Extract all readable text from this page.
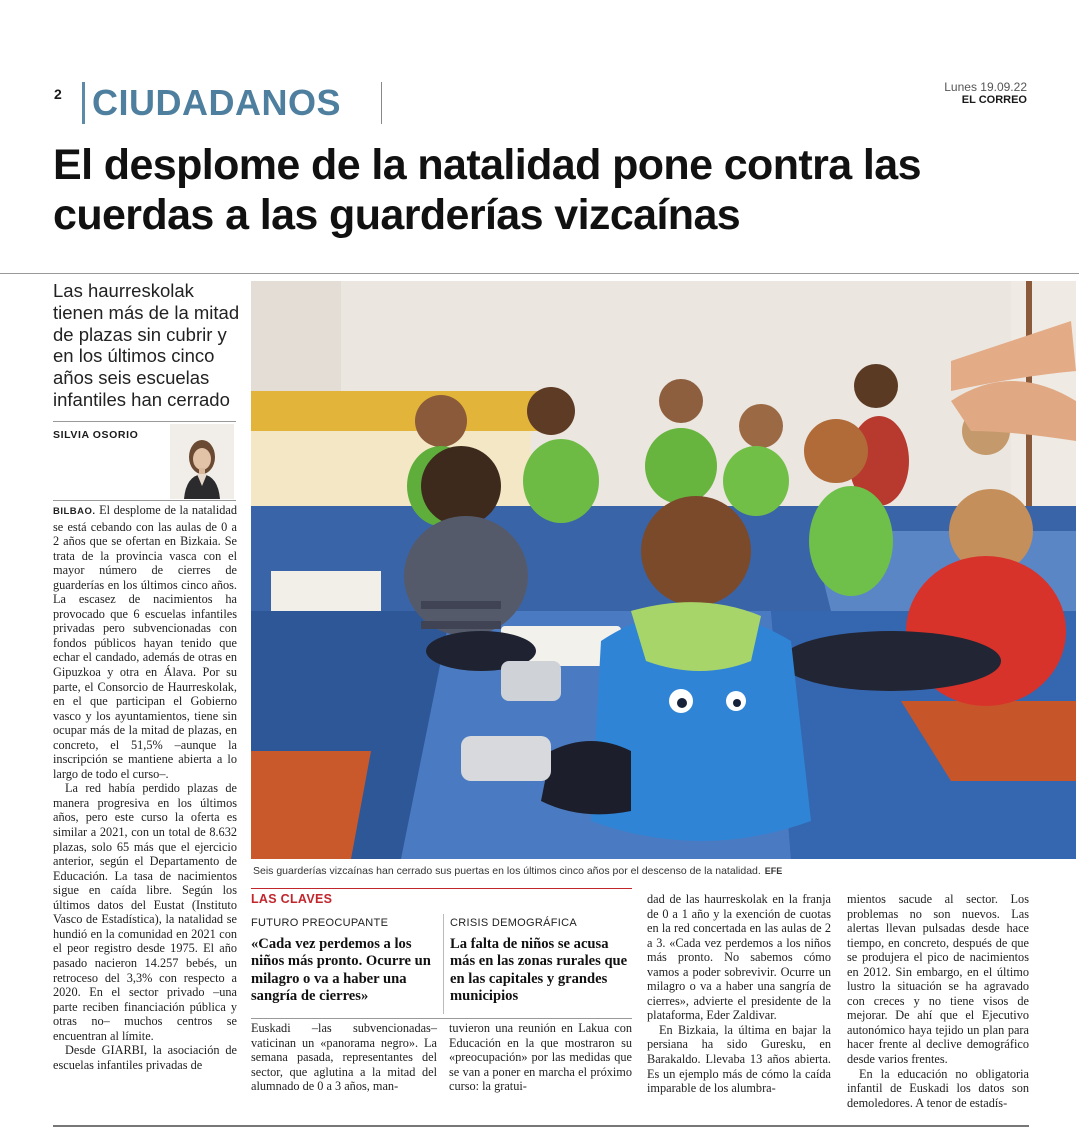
2 CIUDADANOS	Lunes 19.09.22
EL CORREO
El desplome de la natalidad pone contra las cuerdas a las guarderías vizcaínas
Las haurreskolak tienen más de la mitad de plazas sin cubrir y en los últimos cinco años seis escuelas infantiles han cerrado
SILVIA OSORIO

BILBAO. El desplome de la natalidad se está cebando con las aulas de 0 a 2 años que se ofertan en Bizkaia. Se trata de la provincia vasca con el mayor número de cierres de guarderías en los últimos cinco años. La escasez de nacimientos ha provocado que 6 escuelas infantiles privadas pero subvencionadas con fondos públicos hayan tenido que echar el candado, además de otras en Gipuzkoa y otra en Álava. Por su parte, el Consorcio de Haurreskolak, en el que participan el Gobierno vasco y los ayuntamientos, tiene sin ocupar más de la mitad de plazas, en concreto, el 51,5% –aunque la inscripción se mantiene abierta a lo largo de todo el curso–.

La red había perdido plazas de manera progresiva en los últimos años, pero este curso la oferta es similar a 2021, con un total de 8.632 plazas, solo 65 más que el ejercicio anterior, según el Departamento de Educación. La tasa de nacimientos sigue en caída libre. Según los últimos datos del Eustat (Instituto Vasco de Estadística), la natalidad se hundió en la comunidad en 2021 con el peor registro desde 1975. El año pasado nacieron 14.257 bebés, un retroceso del 3,3% con respecto a 2020. En el sector privado –una parte reciben financiación pública y otras no– muchos centros se encuentran al límite.

Desde GIARBI, la asociación de escuelas infantiles privadas de

Seis guarderías vizcaínas han cerrado sus puertas en los últimos cinco años por el descenso de la natalidad. EFE
LAS CLAVES
FUTURO PREOCUPANTE
«Cada vez perdemos a los niños más pronto. Ocurre un milagro o va a haber una sangría de cierres»
CRISIS DEMOGRÁFICA
La falta de niños se acusa más en las zonas rurales que en las capitales y grandes municipios

Euskadi –las subvencionadas– vaticinan un «panorama negro». La semana pasada, representantes del sector, que aglutina a la mitad del alumnado de 0 a 3 años, man-

tuvieron una reunión en Lakua con Educación en la que mostraron su «preocupación» por las medidas que se van a poner en marcha el próximo curso: la gratui-

dad de las haurreskolak en la franja de 0 a 1 año y la exención de cuotas en la red concertada en las aulas de 2 a 3. «Cada vez perdemos a los niños más pronto. No sabemos cómo vamos a poder sobrevivir. Ocurre un milagro o va a haber una sangría de cierres», advierte el presidente de la plataforma, Eder Zaldivar.

En Bizkaia, la última en bajar la persiana ha sido Guresku, en Barakaldo. Llevaba 13 años abierta. Es un ejemplo más de cómo la caída imparable de los alumbra-

mientos sacude al sector. Los problemas no son nuevos. Las alertas llevan pulsadas desde hace tiempo, en concreto, después de que se produjera el pico de nacimientos en 2012. Sin embargo, en el último lustro la situación se ha agravado con creces y no tiene visos de mejorar. De ahí que el Ejecutivo autonómico haya tejido un plan para hacer frente al declive demográfico desde varios frentes.

En la educación no obligatoria infantil de Euskadi los datos son demoledores. A tenor de estadís-
